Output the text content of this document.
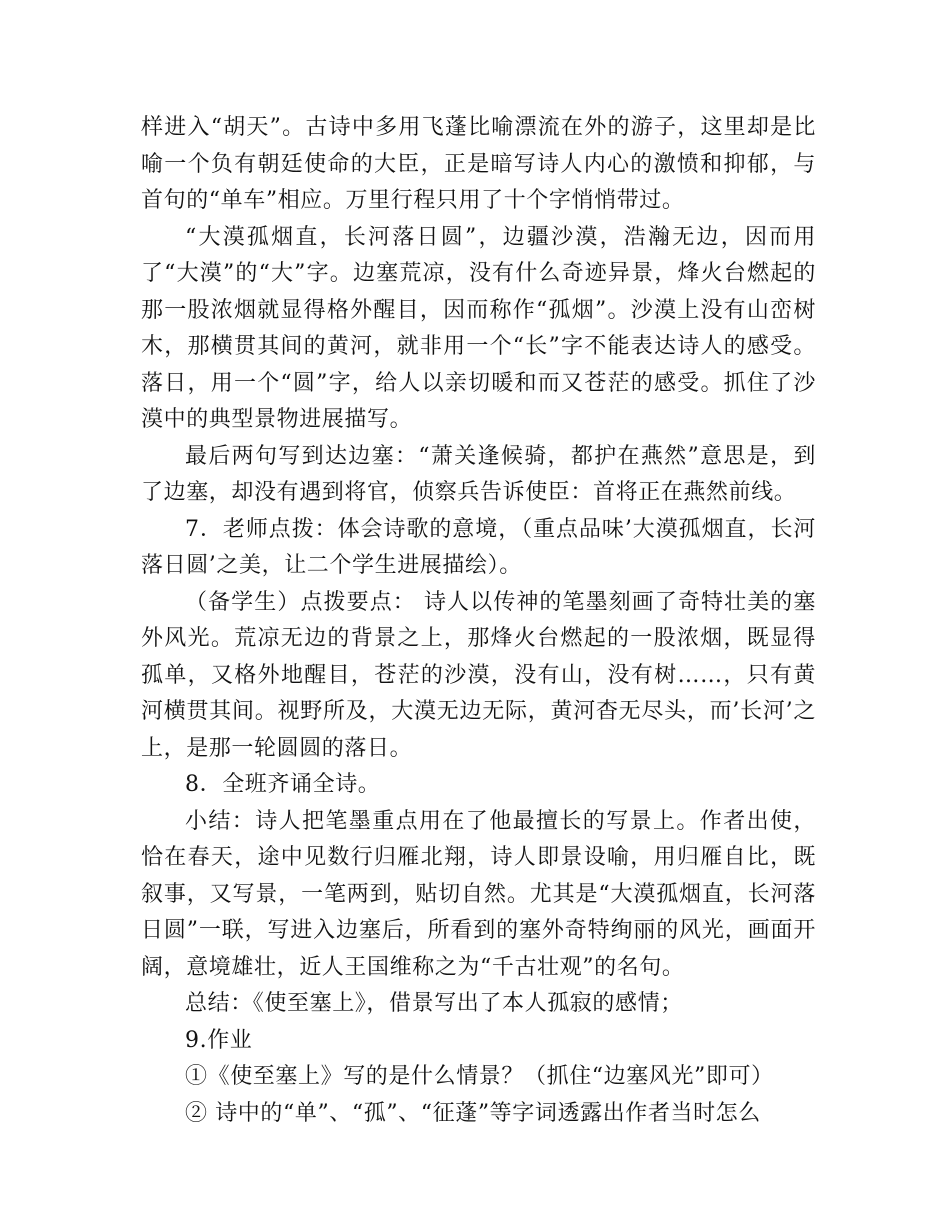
样进入“胡天”。古诗中多用飞蓬比喻漂流在外的游子，这里却是比喻一个负有朝廷使命的大臣，正是暗写诗人内心的激愤和抑郁，与首句的“单车”相应。万里行程只用了十个字悄悄带过。

“大漠孤烟直，长河落日圆”，边疆沙漠，浩瀚无边，因而用了“大漠”的“大”字。边塞荒凉，没有什么奇迹异景，烽火台燃起的那一股浓烟就显得格外醒目，因而称作“孤烟”。沙漠上没有山峦树木，那横贯其间的黄河，就非用一个“长”字不能表达诗人的感受。落日，用一个“圆”字，给人以亲切暖和而又苍茫的感受。抓住了沙漠中的典型景物进展描写。

最后两句写到达边塞：“萧关逢候骑，都护在燕然”意思是，到了边塞，却没有遇到将官，侦察兵告诉使臣：首将正在燕然前线。

7．老师点拨：体会诗歌的意境，（重点品味’大漠孤烟直，长河落日圆’之美，让二个学生进展描绘）。

（备学生）点拨要点： 诗人以传神的笔墨刻画了奇特壮美的塞外风光。荒凉无边的背景之上，那烽火台燃起的一股浓烟，既显得孤单，又格外地醒目，苍茫的沙漠，没有山，没有树……，只有黄河横贯其间。视野所及，大漠无边无际，黄河杳无尽头，而’长河’之上，是那一轮圆圆的落日。

8．全班齐诵全诗。

小结：诗人把笔墨重点用在了他最擅长的写景上。作者出使，恰在春天，途中见数行归雁北翔，诗人即景设喻，用归雁自比，既叙事，又写景，一笔两到，贴切自然。尤其是“大漠孤烟直，长河落日圆”一联，写进入边塞后，所看到的塞外奇特绚丽的风光，画面开阔，意境雄壮，近人王国维称之为“千古壮观”的名句。

总结：《使至塞上》，借景写出了本人孤寂的感情；

9.作业

①《使至塞上》写的是什么情景？（抓住“边塞风光”即可）

② 诗中的“单”、“孤”、“征蓬”等字词透露出作者当时怎么
